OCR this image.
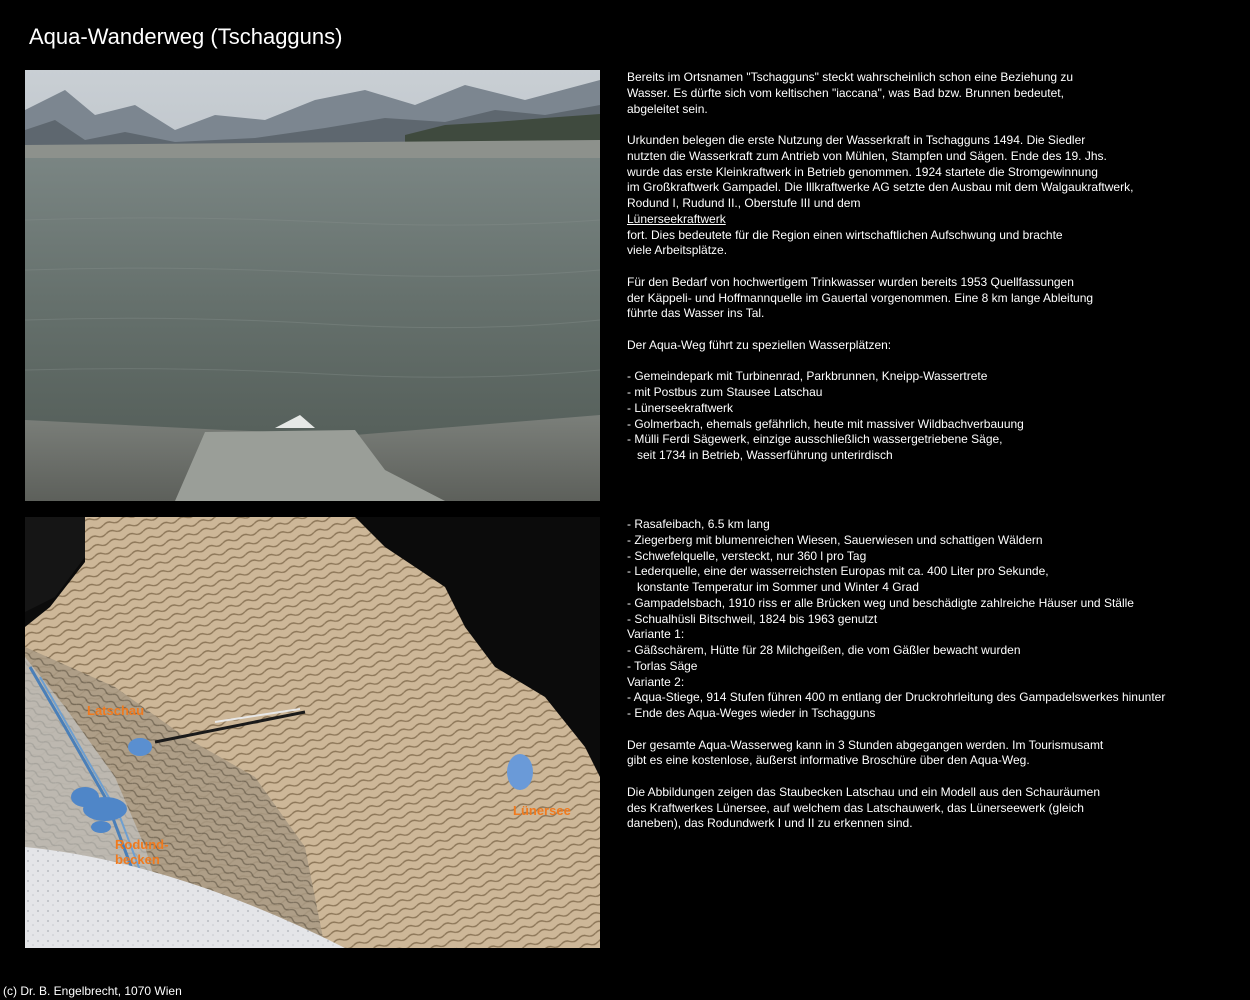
Aqua-Wanderweg (Tschagguns)

Bereits im Ortsnamen "Tschagguns" steckt wahrscheinlich schon eine Beziehung zu
Wasser. Es dürfte sich vom keltischen "iaccana", was Bad bzw. Brunnen bedeutet,
abgeleitet sein.

Urkunden belegen die erste Nutzung der Wasserkraft in Tschagguns 1494. Die Siedler
nutzten die Wasserkraft zum Antrieb von Mühlen, Stampfen und Sägen. Ende des 19. Jhs.
wurde das erste Kleinkraftwerk in Betrieb genommen. 1924 startete die Stromgewinnung
im Großkraftwerk Gampadel. Die Illkraftwerke AG setzte den Ausbau mit dem Walgaukraftwerk,
Rodund I, Rudund II., Oberstufe III und dem
Lünerseekraftwerk
fort. Dies bedeutete für die Region einen wirtschaftlichen Aufschwung und brachte
viele Arbeitsplätze.

Für den Bedarf von hochwertigem Trinkwasser wurden bereits 1953 Quellfassungen
der Käppeli- und Hoffmannquelle im Gauertal vorgenommen. Eine 8 km lange Ableitung
führte das Wasser ins Tal.

Der Aqua-Weg führt zu speziellen Wasserplätzen:

- Gemeindepark mit Turbinenrad, Parkbrunnen, Kneipp-Wassertrete
- mit Postbus zum Stausee Latschau
- Lünerseekraftwerk
- Golmerbach, ehemals gefährlich, heute mit massiver Wildbachverbauung
- Mülli Ferdi Sägewerk, einzige ausschließlich wassergetriebene Säge,
seit 1734 in Betrieb, Wasserführung unterirdisch

Latschau
Lünersee
Rodund-
becken

- Rasafeibach, 6.5 km lang
- Ziegerberg mit blumenreichen Wiesen, Sauerwiesen und schattigen Wäldern
- Schwefelquelle, versteckt, nur 360 l pro Tag
- Lederquelle, eine der wasserreichsten Europas mit ca. 400 Liter pro Sekunde,
konstante Temperatur im Sommer und Winter 4 Grad
- Gampadelsbach, 1910 riss er alle Brücken weg und beschädigte zahlreiche Häuser und Ställe
- Schualhüsli Bitschweil, 1824 bis 1963 genutzt
Variante 1:
- Gäßschärem, Hütte für 28 Milchgeißen, die vom Gäßler bewacht wurden
- Torlas Säge
Variante 2:
- Aqua-Stiege, 914 Stufen führen 400 m entlang der Druckrohrleitung des Gampadelswerkes hinunter
- Ende des Aqua-Weges wieder in Tschagguns

Der gesamte Aqua-Wasserweg kann in 3 Stunden abgegangen werden. Im Tourismusamt
gibt es eine kostenlose, äußerst informative Broschüre über den Aqua-Weg.

Die Abbildungen zeigen das Staubecken Latschau und ein Modell aus den Schauräumen
des Kraftwerkes Lünersee, auf welchem das Latschauwerk, das Lünerseewerk (gleich
daneben), das Rodundwerk I und II zu erkennen sind.

(c) Dr. B. Engelbrecht, 1070 Wien
